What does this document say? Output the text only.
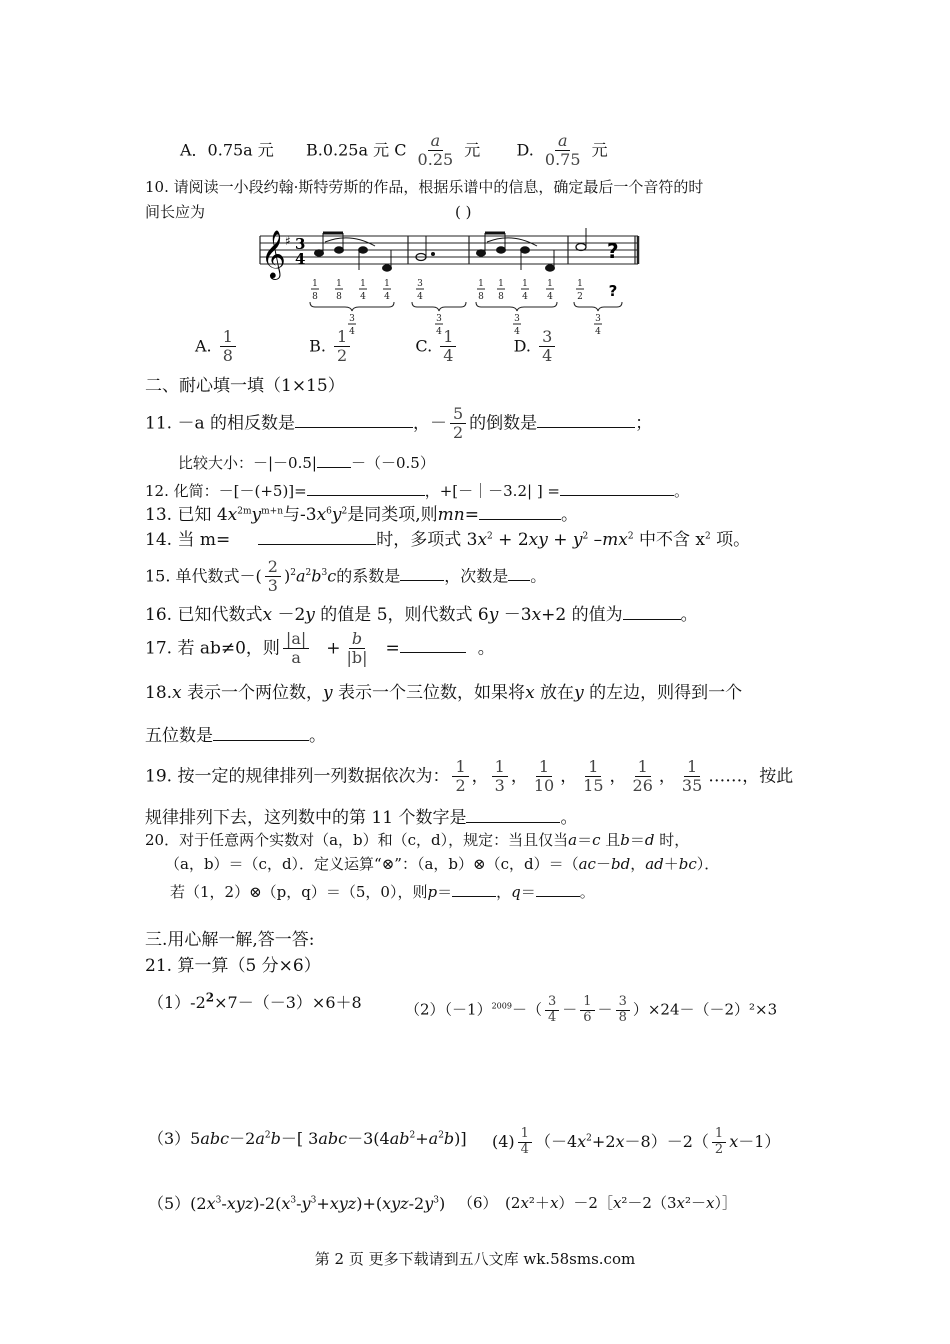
A．0.75a 元 B.0.25a 元 C $\frac{a}{0.25}$ 元 D. $\frac{a}{0.75}$ 元
10. 请阅读一小段约翰·斯特劳斯的作品，根据乐谱中的信息，确定最后一个音符的时
间长应为	( )
𝄞 ♯ 3
4	?
1
8
1
8
1
4
1
4
3
4
1
8
1
8
1
4
1
4
1
2 ?
3
4
3
4
3
4
3
4
A. $\frac{1}{8}$	B. $\frac{1}{2}$	C. $\frac{1}{4}$	D. $\frac{3}{4}$
二、耐心填一填（1×15）
11. －a 的相反数是	，－ $\frac{5}{2}$ 的倒数是	；
比较大小：－|－0.5| －（－0.5）
12. 化简：－[－(+5)]=	，+[－｜－3.2| ] =	。
13. 已知 $4x^{2m}y^{m+n}$与$-3x^6y^2$是同类项,则mn=	。
14. 当 m=	时，多项式 $3x^2 + 2xy + y^2$ $-mx^2$ 中不含 $x^2$ 项。
15. 单代数式－( $\frac{2}{3} )^2a^2b^3c$的系数是	，次数是 。
16. 已知代数式x －2y 的值是 5，则代数式 6y －3x+2 的值为	。
17. 若 ab≠0，则 $\frac{|a|}{a} + \frac{b}{|b|}$ =	。
18.x 表示一个两位数，y 表示一个三位数，如果将x 放在y 的左边，则得到一个
五位数是	。
19. 按一定的规律排列一列数据依次为： $\frac{1}{2}$ ， $\frac{1}{3}$ ， $\frac{1}{10}$ ， $\frac{1}{15}$ ， $\frac{1}{26}$ ， $\frac{1}{35}$ ……，按此
规律排列下去，这列数中的第 11 个数字是	。
20．对于任意两个实数对（a，b）和（c，d），规定：当且仅当a＝c 且b＝d 时，
（a，b）＝（c，d）．定义运算“⊗”：（a，b）⊗（c，d）＝（ac－bd，ad＋bc）．
若（1，2）⊗（p，q）＝（5，0），则p＝	，q＝	。
三.用心解一解,答一答:
21. 算一算（5 分×6）
$(1)-2^2\times 7-(-3)\times 6+8$	$(2)(-1)^{2009}-( \frac{3}{4} - \frac{1}{6} - \frac{3}{8} )\times 24-(-2)^2\times 3$
$(3)5abc-2a^2b-$[ $3abc-3(4ab^2+a^2b)$] $(4) \frac{1}{4} (-4x^2+2x-8)-2( \frac{1}{2} x-1)$
$(5)(2x^3-xyz)-2(x^3-y^3+xyz)+(xyz-2y^3)$ （6）　(2x²＋x）－2［x²－2（3x²－x）］
第 2 页 更多下载请到五八文库 wk.58sms.com
